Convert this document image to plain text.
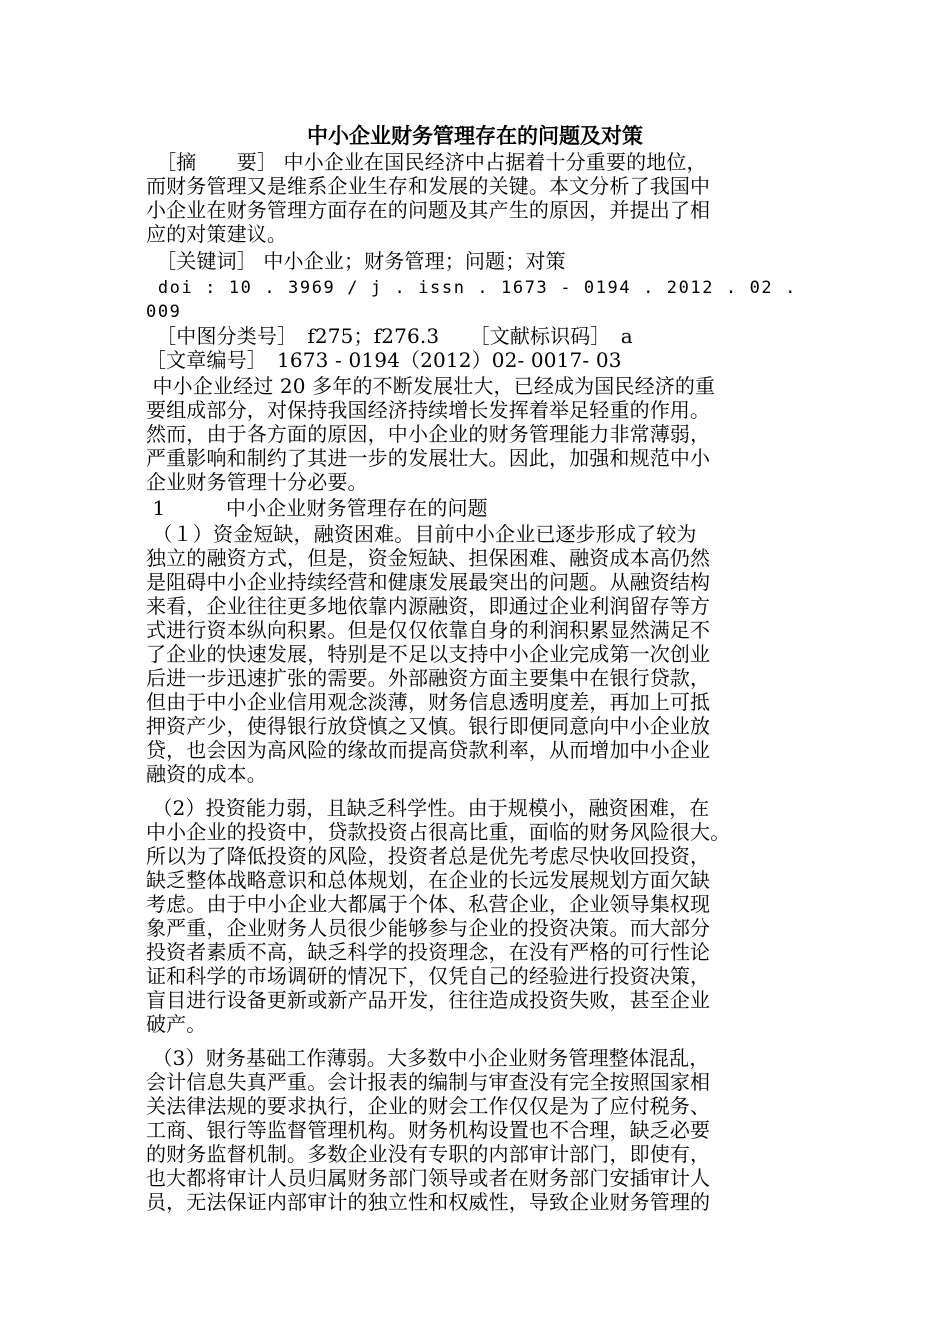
中小企业财务管理存在的问题及对策
　［摘　　要］ 中小企业在国民经济中占据着十分重要的地位，
而财务管理又是维系企业生存和发展的关键。本文分析了我国中
小企业在财务管理方面存在的问题及其产生的原因，并提出了相
应的对策建议。
　［关键词］ 中小企业；财务管理；问题；对策
doi : 10 . 3969 / j . issn . 1673 - 0194 . 2012 . 02 .
009
　［中图分类号］　f275；f276.3　　［文献标识码］　a
［文章编号］　1673 - 0194（2012）02- 0017- 03
中小企业经过 20 多年的不断发展壮大，已经成为国民经济的重
要组成部分，对保持我国经济持续增长发挥着举足轻重的作用。
然而，由于各方面的原因，中小企业的财务管理能力非常薄弱，
严重影响和制约了其进一步的发展壮大。因此，加强和规范中小
企业财务管理十分必要。
1　　　中小企业财务管理存在的问题
（１）资金短缺，融资困难。目前中小企业已逐步形成了较为
独立的融资方式，但是，资金短缺、担保困难、融资成本高仍然
是阻碍中小企业持续经营和健康发展最突出的问题。从融资结构
来看，企业往往更多地依靠内源融资，即通过企业利润留存等方
式进行资本纵向积累。但是仅仅依靠自身的利润积累显然满足不
了企业的快速发展，特别是不足以支持中小企业完成第一次创业
后进一步迅速扩张的需要。外部融资方面主要集中在银行贷款，
但由于中小企业信用观念淡薄，财务信息透明度差，再加上可抵
押资产少，使得银行放贷慎之又慎。银行即便同意向中小企业放
贷，也会因为高风险的缘故而提高贷款利率，从而增加中小企业
融资的成本。
（2）投资能力弱，且缺乏科学性。由于规模小，融资困难，在
中小企业的投资中，贷款投资占很高比重，面临的财务风险很大。
所以为了降低投资的风险，投资者总是优先考虑尽快收回投资，
缺乏整体战略意识和总体规划，在企业的长远发展规划方面欠缺
考虑。由于中小企业大都属于个体、私营企业，企业领导集权现
象严重，企业财务人员很少能够参与企业的投资决策。而大部分
投资者素质不高，缺乏科学的投资理念，在没有严格的可行性论
证和科学的市场调研的情况下，仅凭自己的经验进行投资决策，
盲目进行设备更新或新产品开发，往往造成投资失败，甚至企业
破产。
（3）财务基础工作薄弱。大多数中小企业财务管理整体混乱，
会计信息失真严重。会计报表的编制与审查没有完全按照国家相
关法律法规的要求执行，企业的财会工作仅仅是为了应付税务、
工商、银行等监督管理机构。财务机构设置也不合理，缺乏必要
的财务监督机制。多数企业没有专职的内部审计部门，即使有，
也大都将审计人员归属财务部门领导或者在财务部门安插审计人
员，无法保证内部审计的独立性和权威性，导致企业财务管理的
